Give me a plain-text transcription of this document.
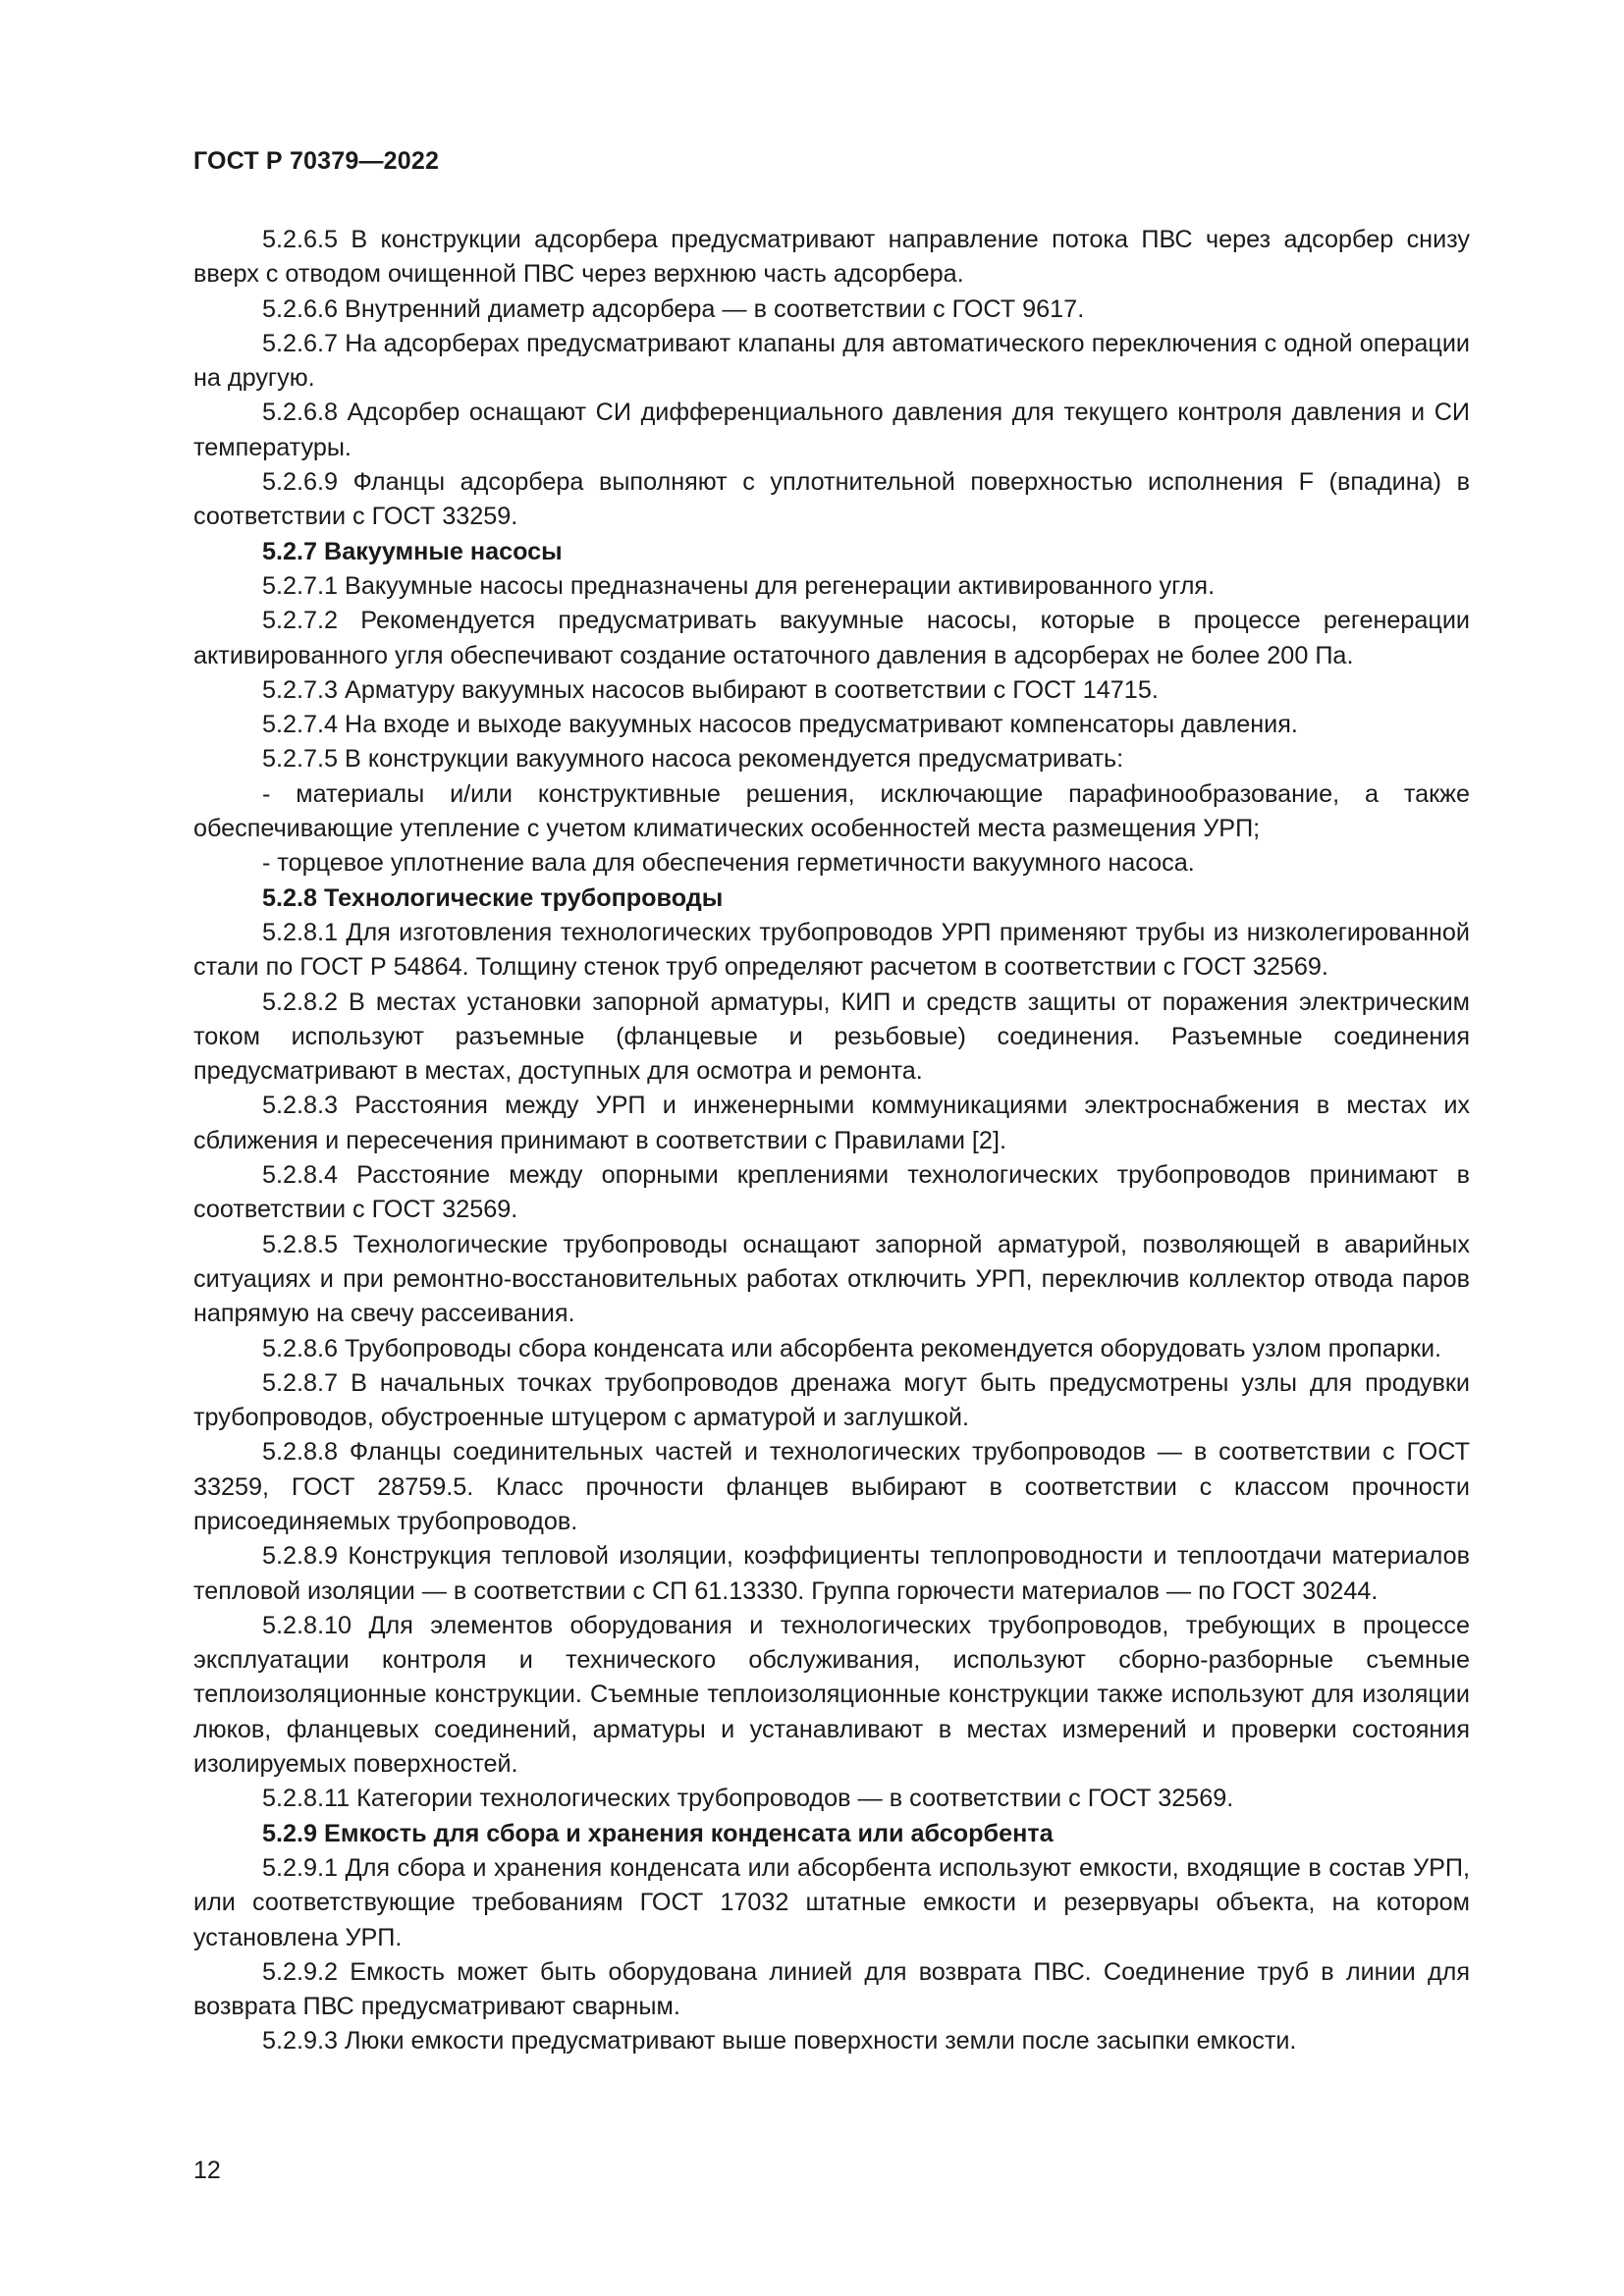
ГОСТ Р 70379—2022

5.2.6.5 В конструкции адсорбера предусматривают направление потока ПВС через адсорбер снизу вверх с отводом очищенной ПВС через верхнюю часть адсорбера.

5.2.6.6 Внутренний диаметр адсорбера — в соответствии с ГОСТ 9617.

5.2.6.7 На адсорберах предусматривают клапаны для автоматического переключения с одной операции на другую.

5.2.6.8 Адсорбер оснащают СИ дифференциального давления для текущего контроля давления и СИ температуры.

5.2.6.9 Фланцы адсорбера выполняют с уплотнительной поверхностью исполнения F (впадина) в соответствии с ГОСТ 33259.

5.2.7 Вакуумные насосы

5.2.7.1 Вакуумные насосы предназначены для регенерации активированного угля.

5.2.7.2 Рекомендуется предусматривать вакуумные насосы, которые в процессе регенерации активированного угля обеспечивают создание остаточного давления в адсорберах не более 200 Па.

5.2.7.3 Арматуру вакуумных насосов выбирают в соответствии с ГОСТ 14715.

5.2.7.4 На входе и выходе вакуумных насосов предусматривают компенсаторы давления.

5.2.7.5 В конструкции вакуумного насоса рекомендуется предусматривать:

- материалы и/или конструктивные решения, исключающие парафинообразование, а также обеспечивающие утепление с учетом климатических особенностей места размещения УРП;

- торцевое уплотнение вала для обеспечения герметичности вакуумного насоса.

5.2.8 Технологические трубопроводы

5.2.8.1 Для изготовления технологических трубопроводов УРП применяют трубы из низколегированной стали по ГОСТ Р 54864. Толщину стенок труб определяют расчетом в соответствии с ГОСТ 32569.

5.2.8.2 В местах установки запорной арматуры, КИП и средств защиты от поражения электрическим током используют разъемные (фланцевые и резьбовые) соединения. Разъемные соединения предусматривают в местах, доступных для осмотра и ремонта.

5.2.8.3 Расстояния между УРП и инженерными коммуникациями электроснабжения в местах их сближения и пересечения принимают в соответствии с Правилами [2].

5.2.8.4 Расстояние между опорными креплениями технологических трубопроводов принимают в соответствии с ГОСТ 32569.

5.2.8.5 Технологические трубопроводы оснащают запорной арматурой, позволяющей в аварийных ситуациях и при ремонтно-восстановительных работах отключить УРП, переключив коллектор отвода паров напрямую на свечу рассеивания.

5.2.8.6 Трубопроводы сбора конденсата или абсорбента рекомендуется оборудовать узлом пропарки.

5.2.8.7 В начальных точках трубопроводов дренажа могут быть предусмотрены узлы для продувки трубопроводов, обустроенные штуцером с арматурой и заглушкой.

5.2.8.8 Фланцы соединительных частей и технологических трубопроводов — в соответствии с ГОСТ 33259, ГОСТ 28759.5. Класс прочности фланцев выбирают в соответствии с классом прочности присоединяемых трубопроводов.

5.2.8.9 Конструкция тепловой изоляции, коэффициенты теплопроводности и теплоотдачи материалов тепловой изоляции — в соответствии с СП 61.13330. Группа горючести материалов — по ГОСТ 30244.

5.2.8.10 Для элементов оборудования и технологических трубопроводов, требующих в процессе эксплуатации контроля и технического обслуживания, используют сборно-разборные съемные теплоизоляционные конструкции. Съемные теплоизоляционные конструкции также используют для изоляции люков, фланцевых соединений, арматуры и устанавливают в местах измерений и проверки состояния изолируемых поверхностей.

5.2.8.11 Категории технологических трубопроводов — в соответствии с ГОСТ 32569.

5.2.9 Емкость для сбора и хранения конденсата или абсорбента

5.2.9.1 Для сбора и хранения конденсата или абсорбента используют емкости, входящие в состав УРП, или соответствующие требованиям ГОСТ 17032 штатные емкости и резервуары объекта, на котором установлена УРП.

5.2.9.2 Емкость может быть оборудована линией для возврата ПВС. Соединение труб в линии для возврата ПВС предусматривают сварным.

5.2.9.3 Люки емкости предусматривают выше поверхности земли после засыпки емкости.

12
